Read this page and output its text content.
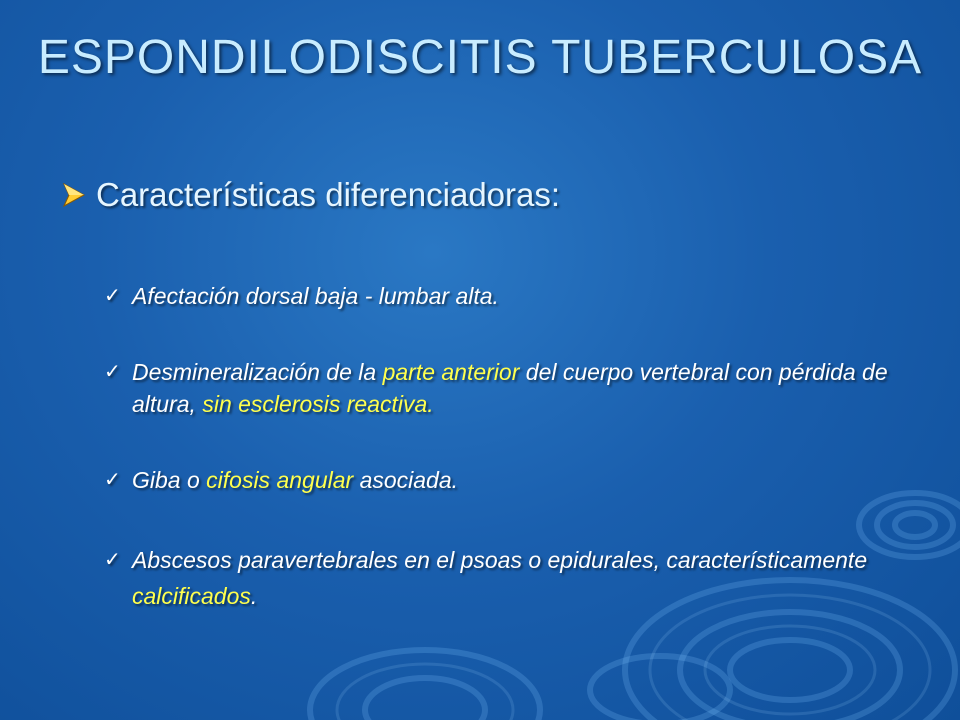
ESPONDILODISCITIS TUBERCULOSA
Características diferenciadoras:
✓ Afectación dorsal baja - lumbar alta.
✓ Desmineralización de la parte anterior del cuerpo vertebral con pérdida de altura, sin esclerosis reactiva.
✓ Giba o cifosis angular asociada.
✓ Abscesos paravertebrales en el psoas o epidurales, característicamente calcificados.
